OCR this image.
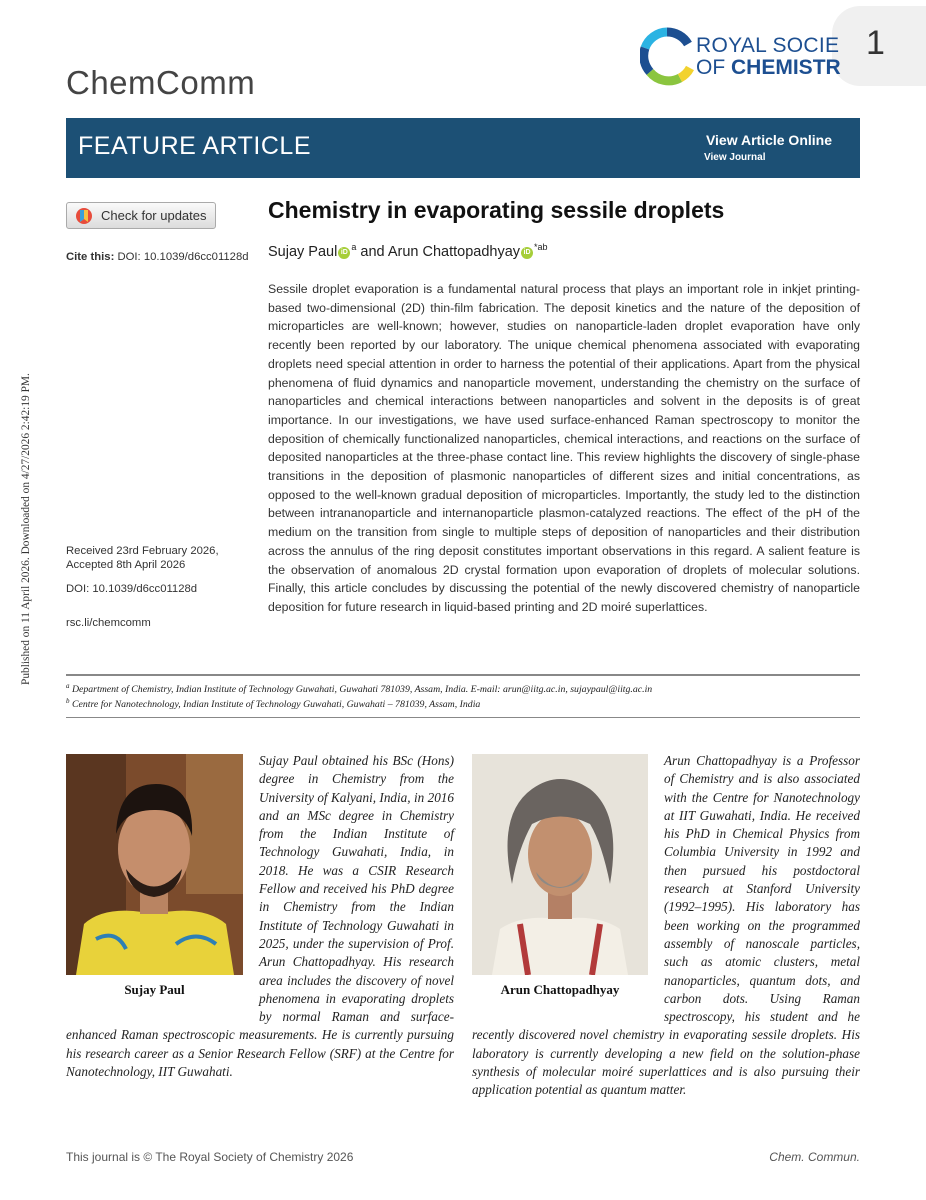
Published on 11 April 2026. Downloaded on 4/27/2026 2:42:19 PM.
ChemComm
1
ROYAL SOCIE
OF CHEMISTR
FEATURE ARTICLE	View Article Online
View Journal
Check for updates
Cite this: DOI: 10.1039/d6cc01128d
Received 23rd February 2026,
Accepted 8th April 2026
DOI: 10.1039/d6cc01128d
rsc.li/chemcomm
Chemistry in evaporating sessile droplets
Sujay Paul $iD^a$ and Arun Chattopadhyay $iD^{*ab}$

Sessile droplet evaporation is a fundamental natural process that plays an important role in inkjet printing-based two-dimensional (2D) thin-film fabrication. The deposit kinetics and the nature of the deposition of microparticles are well-known; however, studies on nanoparticle-laden droplet evaporation have only recently been reported by our laboratory. The unique chemical phenomena associated with evaporating droplets need special attention in order to harness the potential of their applications. Apart from the physical phenomena of fluid dynamics and nanoparticle movement, understanding the chemistry on the surface of nanoparticles and chemical interactions between nanoparticles and solvent in the deposits is of great importance. In our investigations, we have used surface-enhanced Raman spectroscopy to monitor the deposition of chemically functionalized nanoparticles, chemical interactions, and reactions on the surface of deposited nanoparticles at the three-phase contact line. This review highlights the discovery of single-phase transitions in the deposition of plasmonic nanoparticles of different sizes and initial concentrations, as opposed to the well-known gradual deposition of microparticles. Importantly, the study led to the distinction between intrananoparticle and internanoparticle plasmon-catalyzed reactions. The effect of the pH of the medium on the transition from single to multiple steps of deposition of nanoparticles and their distribution across the annulus of the ring deposit constitutes important observations in this regard. A salient feature is the observation of anomalous 2D crystal formation upon evaporation of droplets of molecular solutions. Finally, this article concludes by discussing the potential of the newly discovered chemistry of nanoparticle deposition for future research in liquid-based printing and 2D moiré superlattices.

$^a$ Department of Chemistry, Indian Institute of Technology Guwahati, Guwahati 781039, Assam, India. E-mail: arun@iitg.ac.in, sujaypaul@iitg.ac.in
$^b$ Centre for Nanotechnology, Indian Institute of Technology Guwahati, Guwahati – 781039, Assam, India

Sujay Paul obtained his BSc (Hons) degree in Chemistry from the University of Kalyani, India, in 2016 and an MSc degree in Chemistry from the Indian Institute of Technology Guwahati, India, in 2018. He was a CSIR Research Fellow and received his PhD degree in Chemistry from the Indian Institute of Technology Guwahati in 2025, under the supervision of Prof. Arun Chattopadhyay. His research area includes the discovery of novel phenomena in evaporating droplets by normal Raman and surface-enhanced Raman spectroscopic measurements. He is currently pursuing his research career as a Senior Research Fellow (SRF) at the Centre for Nanotechnology, IIT Guwahati.

Sujay Paul

Arun Chattopadhyay is a Professor of Chemistry and is also associated with the Centre for Nanotechnology at IIT Guwahati, India. He received his PhD in Chemical Physics from Columbia University in 1992 and then pursued his postdoctoral research at Stanford University (1992–1995). His laboratory has been working on the programmed assembly of nanoscale particles, such as atomic clusters, metal nanoparticles, quantum dots, and carbon dots. Using Raman spectroscopy, his student and he recently discovered novel chemistry in evaporating sessile droplets. His laboratory is currently developing a new field on the solution-phase synthesis of molecular moiré superlattices and is also pursuing their application potential as quantum matter.

Arun Chattopadhyay
This journal is © The Royal Society of Chemistry 2026	Chem. Commun.
